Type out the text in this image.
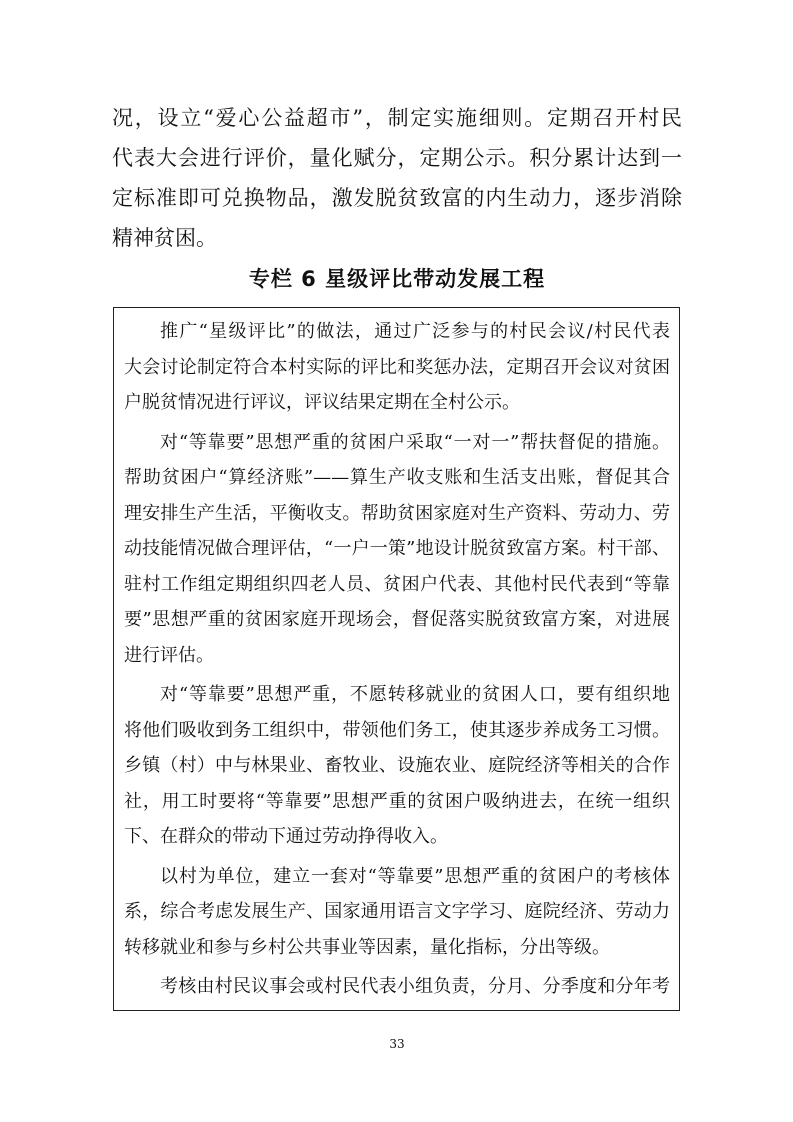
况，设立“爱心公益超市”，制定实施细则。定期召开村民
代表大会进行评价，量化赋分，定期公示。积分累计达到一
定标准即可兑换物品，激发脱贫致富的内生动力，逐步消除
精神贫困。
专栏 6 星级评比带动发展工程
推广“星级评比”的做法，通过广泛参与的村民会议/村民代表
大会讨论制定符合本村实际的评比和奖惩办法，定期召开会议对贫困
户脱贫情况进行评议，评议结果定期在全村公示。
对“等靠要”思想严重的贫困户采取“一对一”帮扶督促的措施。
帮助贫困户“算经济账”——算生产收支账和生活支出账，督促其合
理安排生产生活，平衡收支。帮助贫困家庭对生产资料、劳动力、劳
动技能情况做合理评估，“一户一策”地设计脱贫致富方案。村干部、
驻村工作组定期组织四老人员、贫困户代表、其他村民代表到“等靠
要”思想严重的贫困家庭开现场会，督促落实脱贫致富方案，对进展
进行评估。
对“等靠要”思想严重，不愿转移就业的贫困人口，要有组织地
将他们吸收到务工组织中，带领他们务工，使其逐步养成务工习惯。
乡镇（村）中与林果业、畜牧业、设施农业、庭院经济等相关的合作
社，用工时要将“等靠要”思想严重的贫困户吸纳进去，在统一组织
下、在群众的带动下通过劳动挣得收入。
以村为单位，建立一套对“等靠要”思想严重的贫困户的考核体
系，综合考虑发展生产、国家通用语言文字学习、庭院经济、劳动力
转移就业和参与乡村公共事业等因素，量化指标，分出等级。
考核由村民议事会或村民代表小组负责，分月、分季度和分年考
33
